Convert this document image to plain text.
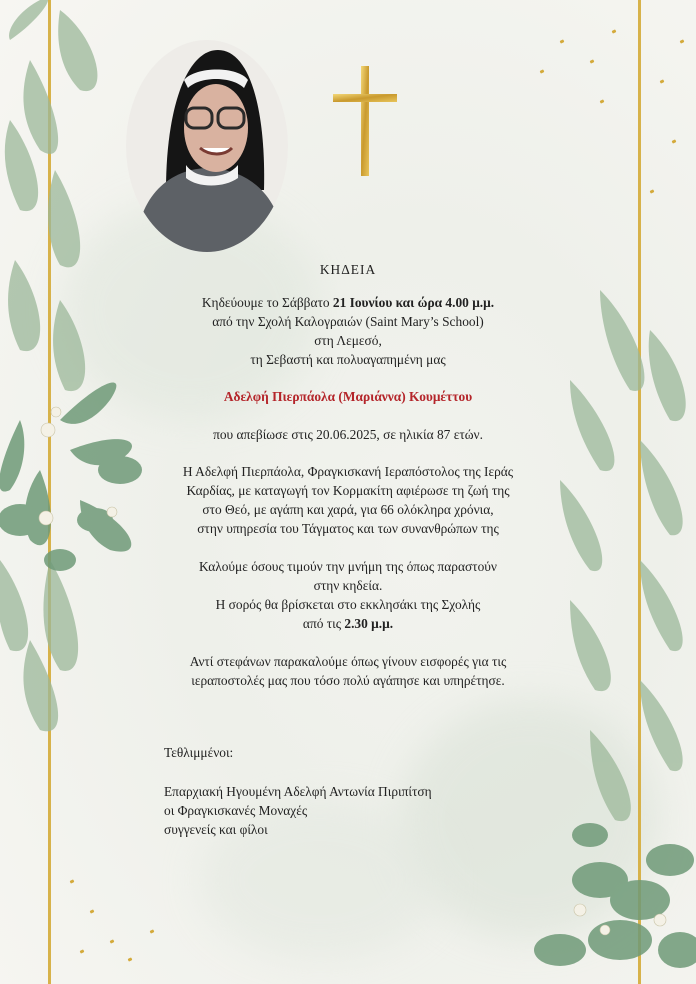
ΚΗΔΕΙΑ
Κηδεύουμε το Σάββατο 21 Ιουνίου και ώρα 4.00 μ.μ.
από την Σχολή Καλογραιών (Saint Mary’s School)
στη Λεμεσό,
τη Σεβαστή και πολυαγαπημένη μας
Αδελφή Πιερπάολα (Μαριάννα) Κουμέττου
που απεβίωσε στις 20.06.2025, σε ηλικία 87 ετών.
Η Αδελφή Πιερπάολα, Φραγκισκανή Ιεραπόστολος της Ιεράς
Καρδίας, με καταγωγή τον Κορμακίτη αφιέρωσε τη ζωή της
στο Θεό, με αγάπη και χαρά, για 66 ολόκληρα χρόνια,
στην υπηρεσία του Τάγματος και των συνανθρώπων της
Καλούμε όσους τιμούν την μνήμη της όπως παραστούν
στην κηδεία.
Η σορός θα βρίσκεται στο εκκλησάκι της Σχολής
από τις 2.30 μ.μ.
Αντί στεφάνων παρακαλούμε όπως γίνουν εισφορές για τις
ιεραποστολές μας που τόσο πολύ αγάπησε και υπηρέτησε.
Τεθλιμμένοι:
Επαρχιακή Ηγουμένη Αδελφή Αντωνία Πιριπίτση
οι Φραγκισκανές Μοναχές
συγγενείς και φίλοι
